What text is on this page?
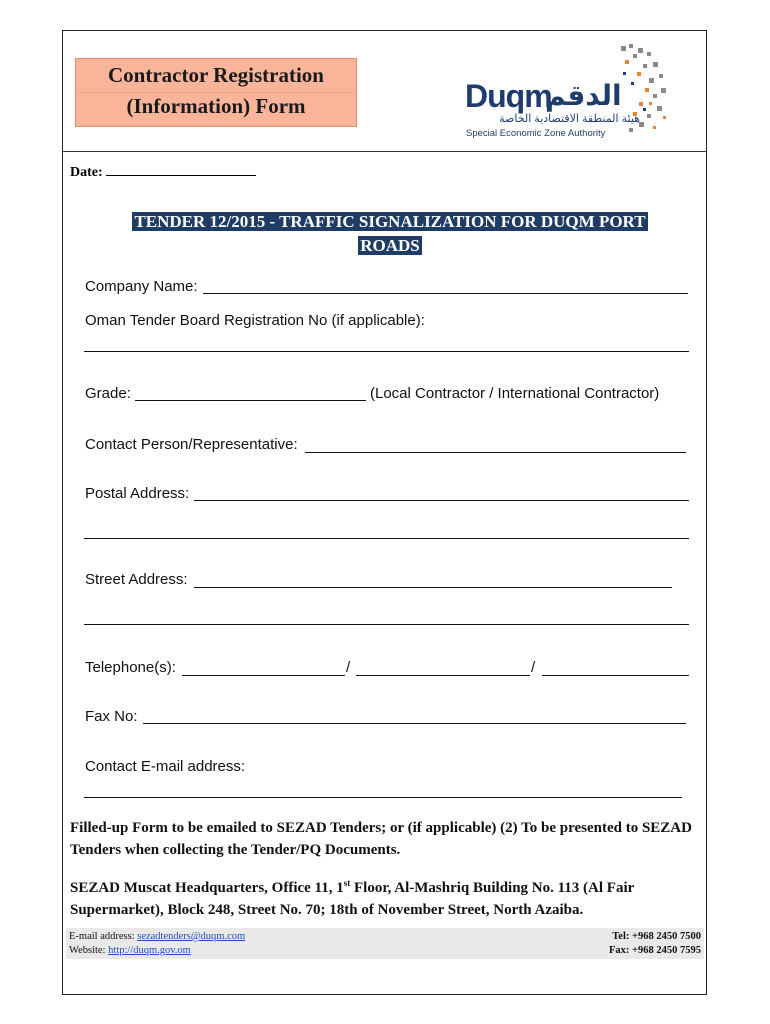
Contractor Registration
(Information) Form	Duqm
الدقم
هيئة المنطقة الاقتصادية الخاصة
Special Economic Zone Authority
Date:
TENDER 12/2015 - TRAFFIC SIGNALIZATION FOR DUQM PORT
ROADS
Company Name:
Oman Tender Board Registration No (if applicable):
Grade:	(Local Contractor / International Contractor)
Contact Person/Representative:
Postal Address:
Street Address:
Telephone(s):	/	/
Fax No:
Contact E-mail address:
Filled-up Form to be emailed to SEZAD Tenders; or (if applicable) (2) To be presented to SEZAD Tenders when collecting the Tender/PQ Documents.
SEZAD Muscat Headquarters, Office 11, 1st Floor, Al-Mashriq Building No. 113 (Al Fair Supermarket), Block 248, Street No. 70; 18th of November Street, North Azaiba.
E-mail address: sezadtenders@duqm.com
Website: http://duqm.gov.om
Tel: +968 2450 7500
Fax: +968 2450 7595
